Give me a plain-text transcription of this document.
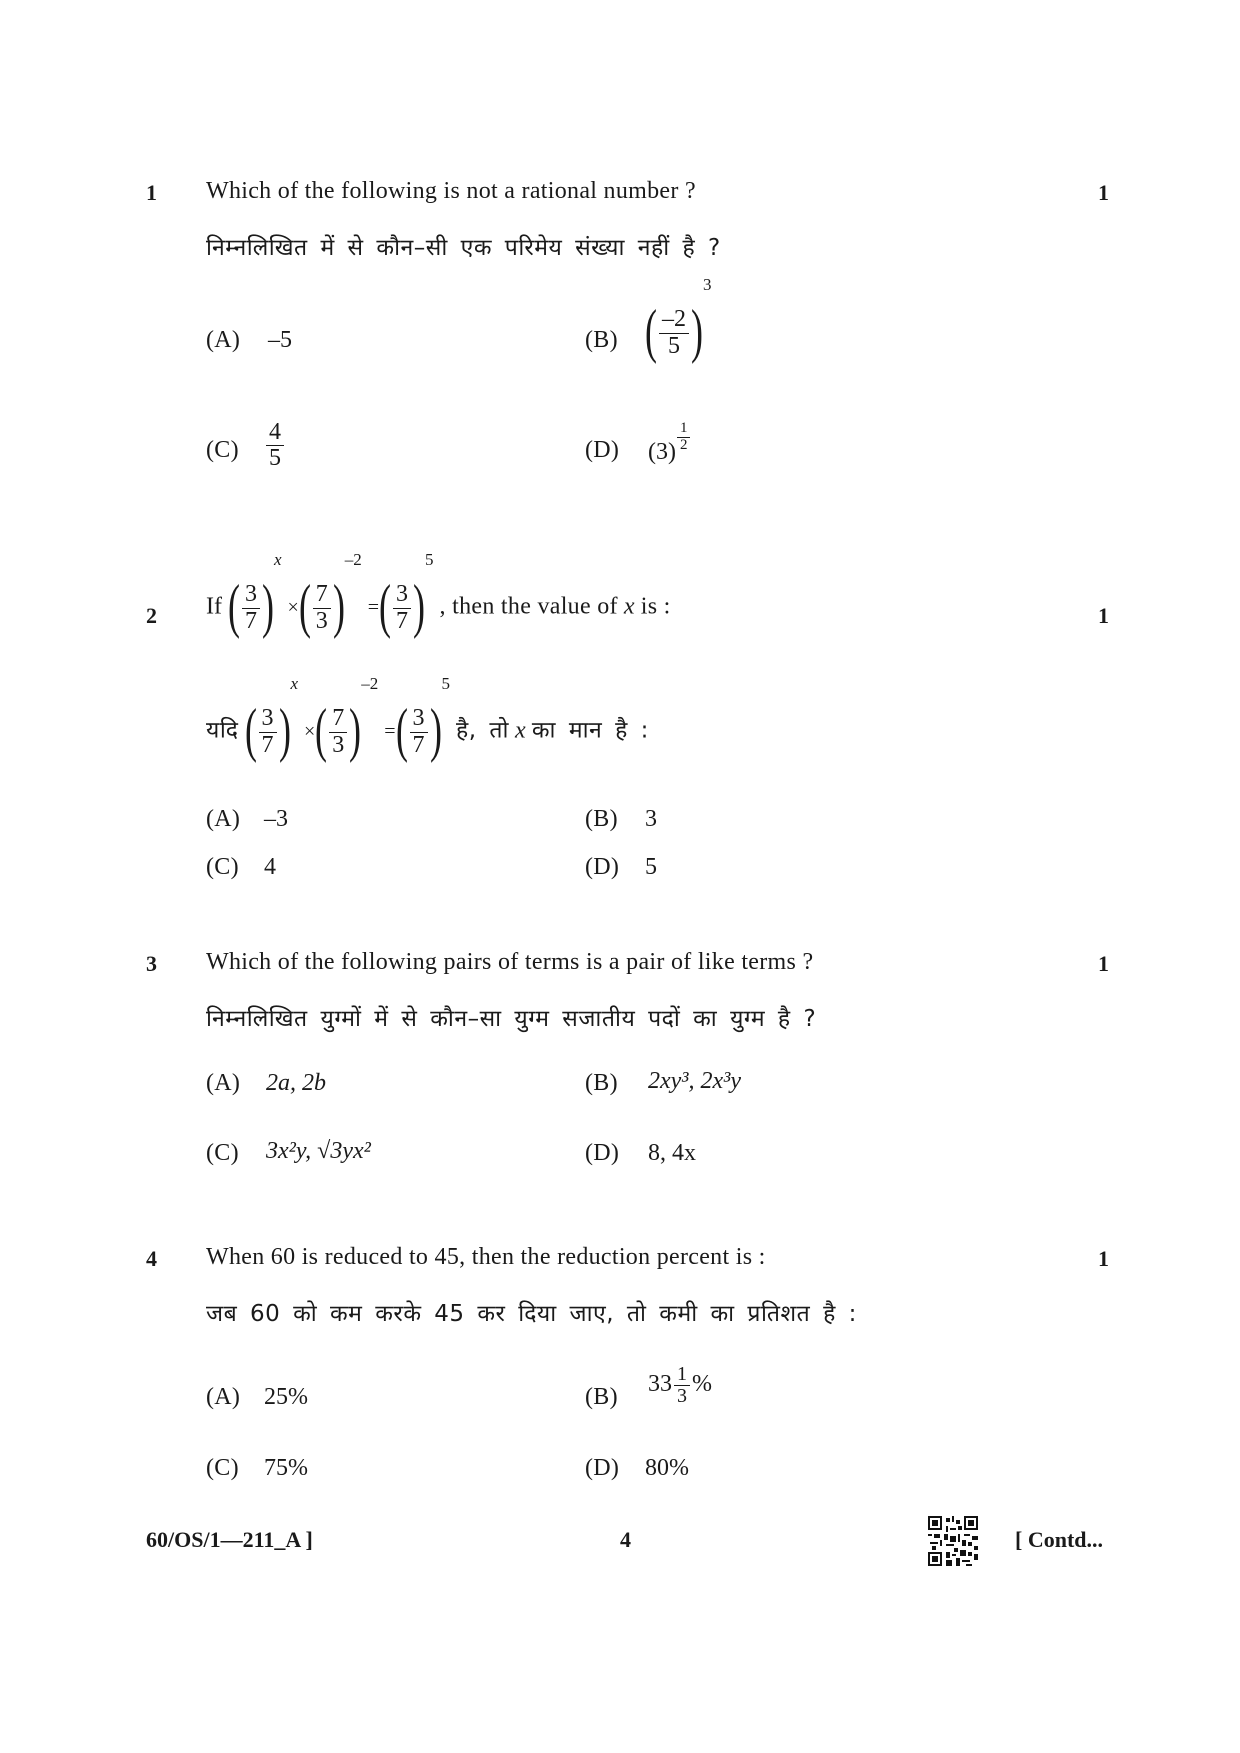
1 Which of the following is not a rational number ?	1
निम्नलिखित में से कौन–सी एक परिमेय संख्या नहीं है ?
(A) –5	(B) ( $\frac{-2}{5} )^3$
$(C) \frac{4}{5}$	(D) $(3) \frac{1}{2}$
2	1
If ( $\frac{3}{7} )^x$ ×( $\frac{7}{3} )^{-2}$ =( $\frac{3}{7} )^5$ , then the value of x is :
यदि ( $\frac{3}{7} )^x$ ×( $\frac{7}{3} )^{-2}$ =( $\frac{3}{7} )^5$ है, तो x का मान है :
(A) –3	(B) 3
(C) 4	(D) 5
3 Which of the following pairs of terms is a pair of like terms ?	1
निम्नलिखित युग्मों में से कौन–सा युग्म सजातीय पदों का युग्म है ?
(A) 2a, 2b	(B) 2xy³, 2x³y
(C) 3x²y, √3yx²	(D) 8, 4x
4 When 60 is reduced to 45, then the reduction percent is :	1
जब 60 को कम करके 45 कर दिया जाए, तो कमी का प्रतिशत है :
(A) 25%	(B) $33 \frac{1}{3}$ %
(C) 75%	(D) 80%
60/OS/1—211_A ]	4	[ Contd...
